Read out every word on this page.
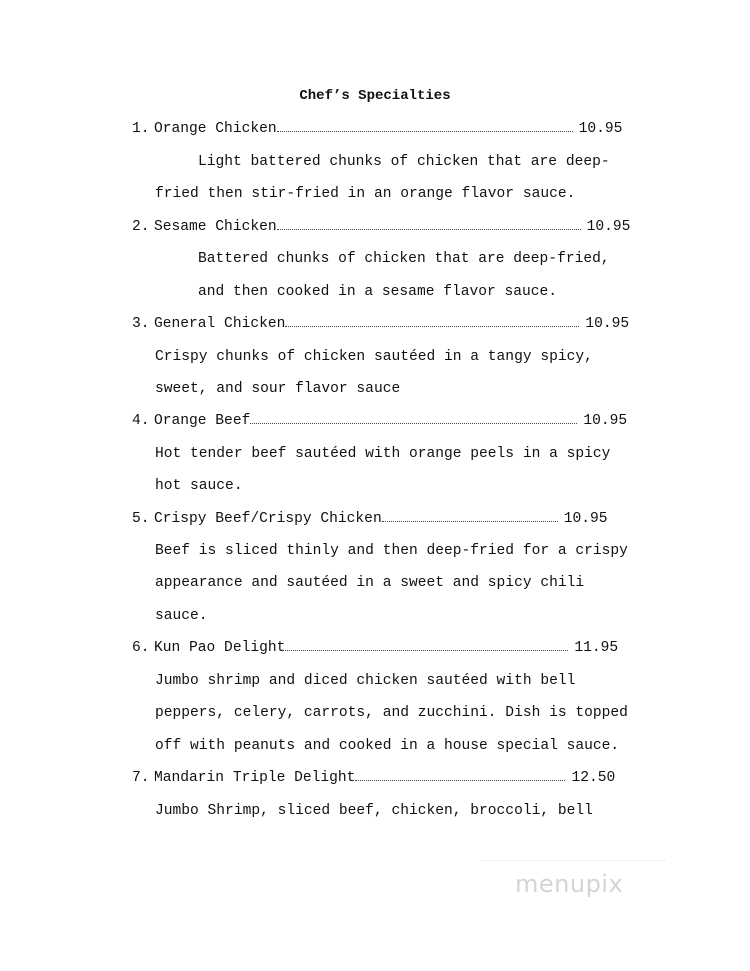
Chef’s Specialties
1. Orange Chicken	10.95
Light battered chunks of chicken that are deep-
fried then stir-fried in an orange flavor sauce.
2. Sesame Chicken	10.95
Battered chunks of chicken that are deep-fried,
and then cooked in a sesame flavor sauce.
3. General Chicken	10.95
Crispy chunks of chicken sautéed in a tangy spicy,
sweet, and sour flavor sauce
4. Orange Beef	10.95
Hot tender beef sautéed with orange peels in a spicy
hot sauce.
5. Crispy Beef/Crispy Chicken	10.95
Beef is sliced thinly and then deep-fried for a crispy
appearance and sautéed in a sweet and spicy chili
sauce.
6. Kun Pao Delight	11.95
Jumbo shrimp and diced chicken sautéed with bell
peppers, celery, carrots, and zucchini. Dish is topped
off with peanuts and cooked in a house special sauce.
7. Mandarin Triple Delight	12.50
Jumbo Shrimp, sliced beef, chicken, broccoli, bell
menupix
